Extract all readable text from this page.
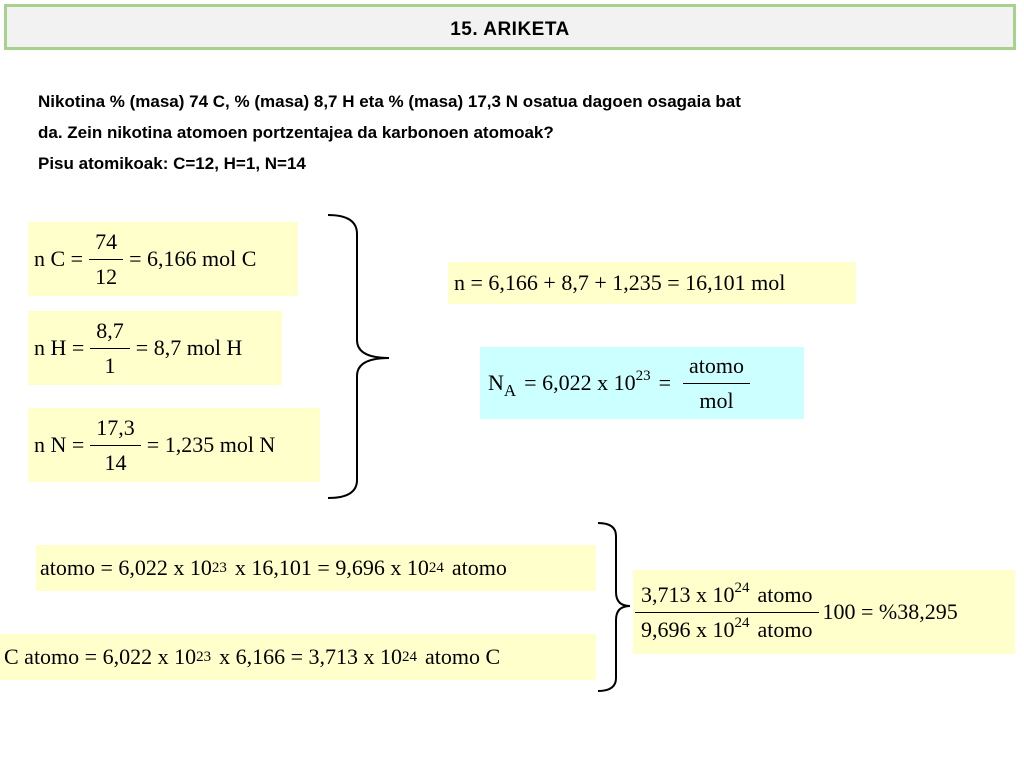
15. ARIKETA

Nikotina % (masa) 74 C, % (masa) 8,7 H eta % (masa) 17,3 N osatua dagoen osagaia bat

da. Zein nikotina atomoen portzentajea da karbonoen atomoak?

Pisu atomikoak: C=12, H=1, N=14

n $C = \frac{74}{12} = 6,166$ mol C
n $H = \frac{8,7}{1} = 8,7$ mol H
n $N = \frac{17,3}{14} = 1,235$ mol N
n = 6,166 + 8,7 + 1,235 = 16,101 mol
$N_A = 6,022$ x $10^{23} = \frac{\text{atomo}}{\text{mol}}$
atomo = 6,022 x 10 23 x 16,101 = 9,696 x 10 24 atomo
C atomo = 6,022 x 10 23 x 6,166 = 3,713 x 10 24 atomo C
$\frac{3,713 x 10^{24} atomo}{9,696 x 10^{24} atomo} 100 = \%38,295$
